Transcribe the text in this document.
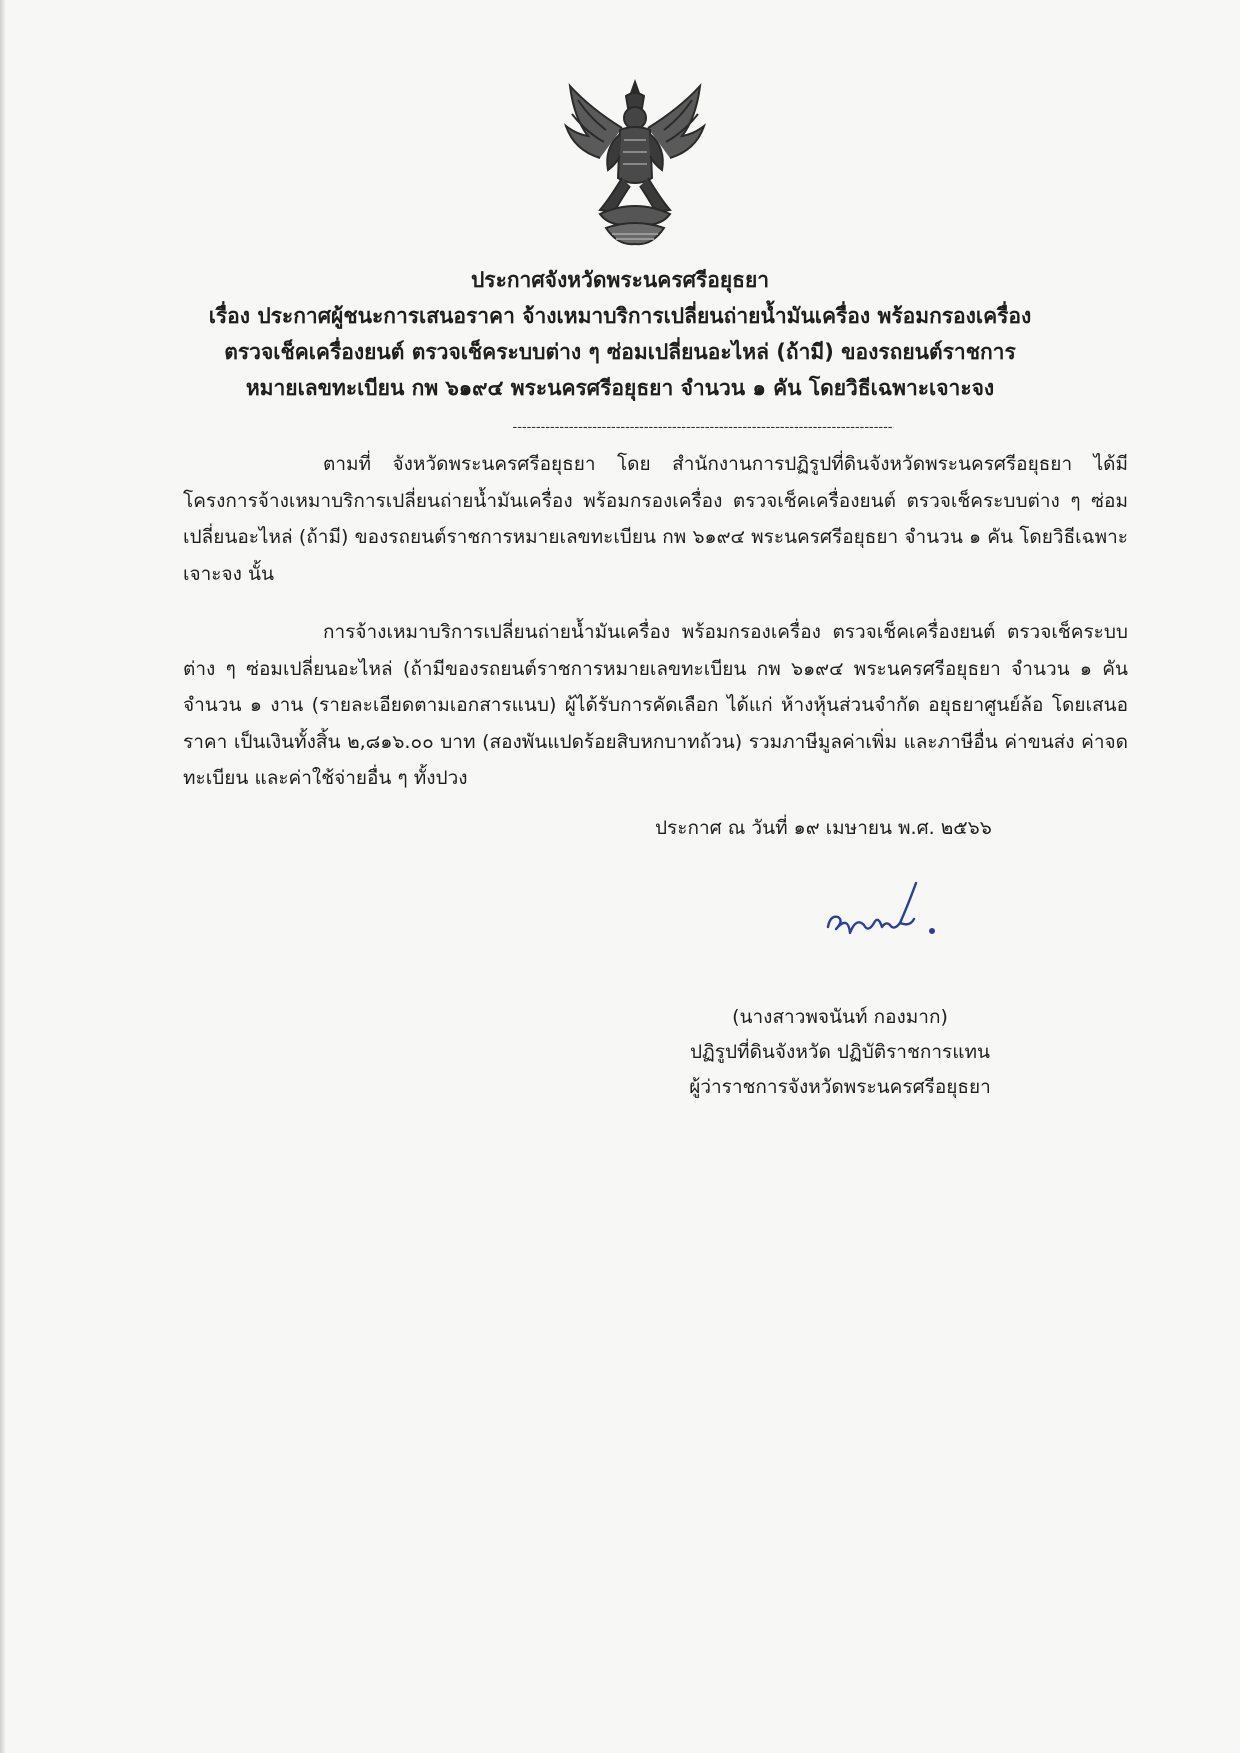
ประกาศจังหวัดพระนครศรีอยุธยา
เรื่อง ประกาศผู้ชนะการเสนอราคา จ้างเหมาบริการเปลี่ยนถ่ายน้ำมันเครื่อง พร้อมกรองเครื่อง
ตรวจเช็คเครื่องยนต์ ตรวจเช็คระบบต่าง ๆ ซ่อมเปลี่ยนอะไหล่ (ถ้ามี) ของรถยนต์ราชการ
หมายเลขทะเบียน กพ ๖๑๙๔ พระนครศรีอยุธยา จำนวน ๑ คัน โดยวิธีเฉพาะเจาะจง
---------------------------------------------------------------------------------

ตามที่ จังหวัดพระนครศรีอยุธยา โดย สำนักงานการปฏิรูปที่ดินจังหวัดพระนครศรีอยุธยา ได้มีโครงการจ้างเหมาบริการเปลี่ยนถ่ายน้ำมันเครื่อง พร้อมกรองเครื่อง ตรวจเช็คเครื่องยนต์ ตรวจเช็คระบบต่าง ๆ ซ่อมเปลี่ยนอะไหล่ (ถ้ามี) ของรถยนต์ราชการหมายเลขทะเบียน กพ ๖๑๙๔ พระนครศรีอยุธยา จำนวน ๑ คัน โดยวิธีเฉพาะเจาะจง นั้น

การจ้างเหมาบริการเปลี่ยนถ่ายน้ำมันเครื่อง พร้อมกรองเครื่อง ตรวจเช็คเครื่องยนต์ ตรวจเช็คระบบต่าง ๆ ซ่อมเปลี่ยนอะไหล่ (ถ้ามีของรถยนต์ราชการหมายเลขทะเบียน กพ ๖๑๙๔ พระนครศรีอยุธยา จำนวน ๑ คัน จำนวน ๑ งาน (รายละเอียดตามเอกสารแนบ) ผู้ได้รับการคัดเลือก ได้แก่ ห้างหุ้นส่วนจำกัด อยุธยาศูนย์ล้อ โดยเสนอราคา เป็นเงินทั้งสิ้น ๒,๘๑๖.๐๐ บาท (สองพันแปดร้อยสิบหกบาทถ้วน) รวมภาษีมูลค่าเพิ่ม และภาษีอื่น ค่าขนส่ง ค่าจดทะเบียน และค่าใช้จ่ายอื่น ๆ ทั้งปวง

ประกาศ ณ วันที่ ๑๙ เมษายน พ.ศ. ๒๕๖๖
(นางสาวพจนันท์ กองมาก)
ปฏิรูปที่ดินจังหวัด ปฏิบัติราชการแทน
ผู้ว่าราชการจังหวัดพระนครศรีอยุธยา
